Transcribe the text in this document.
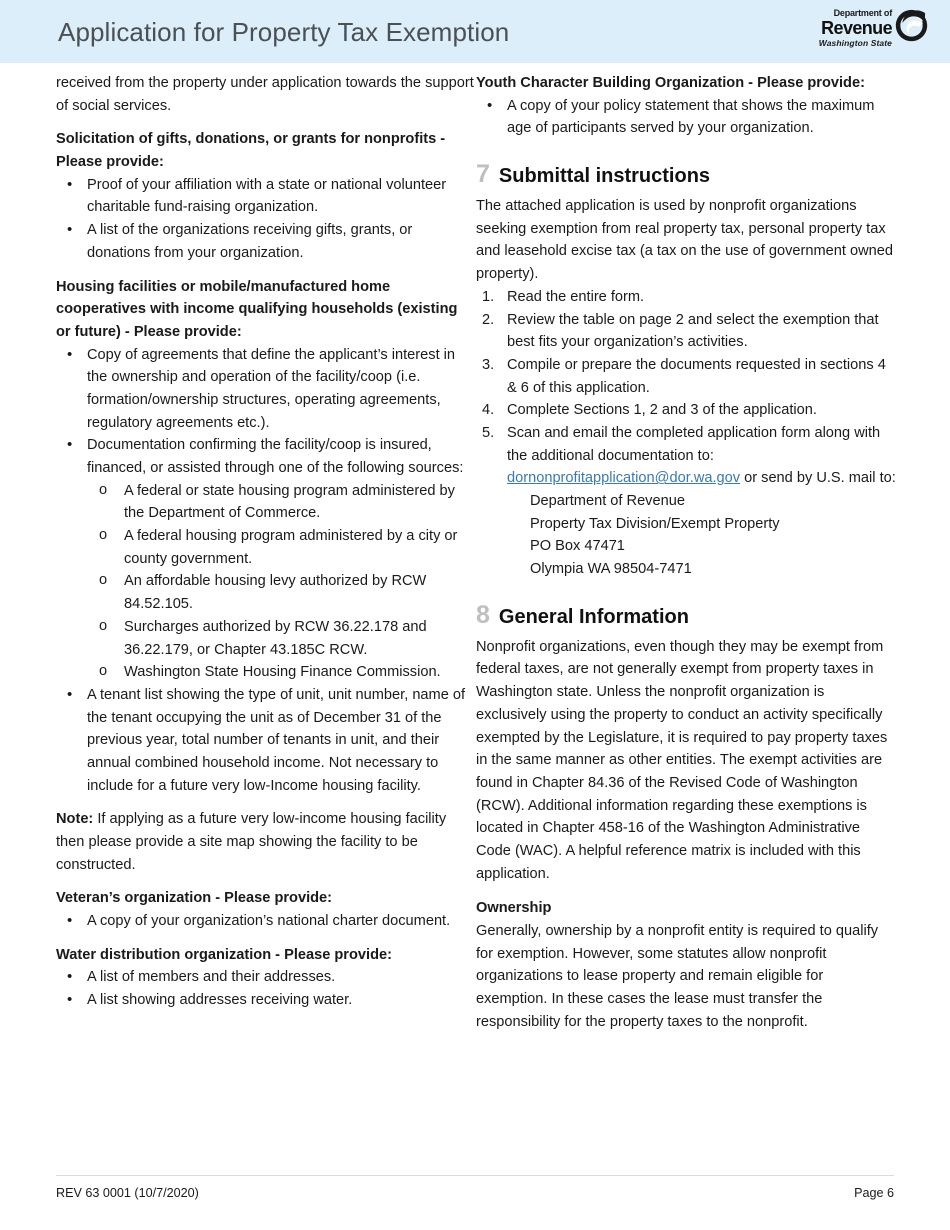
Application for Property Tax Exemption
Department of
Revenue
Washington State

received from the property under application towards the support of social services.

Solicitation of gifts, donations, or grants for nonprofits - Please provide:
• Proof of your affiliation with a state or national volunteer charitable fund-raising organization.
• A list of the organizations receiving gifts, grants, or donations from your organization.
Housing facilities or mobile/manufactured home cooperatives with income qualifying households (existing or future) - Please provide:
• Copy of agreements that define the applicant’s interest in the ownership and operation of the facility/coop (i.e. formation/ownership structures, operating agreements, regulatory agreements etc.).
• Documentation confirming the facility/coop is insured, financed, or assisted through one of the following sources:
o A federal or state housing program administered by the Department of Commerce.
o A federal housing program administered by a city or county government.
o An affordable housing levy authorized by RCW 84.52.105.
o Surcharges authorized by RCW 36.22.178 and 36.22.179, or Chapter 43.185C RCW.
o Washington State Housing Finance Commission.
• A tenant list showing the type of unit, unit number, name of the tenant occupying the unit as of December 31 of the previous year, total number of tenants in unit, and their annual combined household income. Not necessary to include for a future very low-Income housing facility.

Note: If applying as a future very low-income housing facility then please provide a site map showing the facility to be constructed.

Veteran’s organization - Please provide:
• A copy of your organization’s national charter document.
Water distribution organization - Please provide:
• A list of members and their addresses.
• A list showing addresses receiving water.
Youth Character Building Organization - Please provide:
• A copy of your policy statement that shows the maximum age of participants served by your organization.
7 Submittal instructions

The attached application is used by nonprofit organizations seeking exemption from real property tax, personal property tax and leasehold excise tax (a tax on the use of government owned property).

1. Read the entire form.
2. Review the table on page 2 and select the exemption that best fits your organization’s activities.
3. Compile or prepare the documents requested in sections 4 & 6 of this application.
4. Complete Sections 1, 2 and 3 of the application.
5. Scan and email the completed application form along with the additional documentation to: dornonprofitapplication@dor.wa.gov or send by U.S. mail to:
Department of Revenue
Property Tax Division/Exempt Property
PO Box 47471
Olympia WA 98504-7471
8 General Information

Nonprofit organizations, even though they may be exempt from federal taxes, are not generally exempt from property taxes in Washington state. Unless the nonprofit organization is exclusively using the property to conduct an activity specifically exempted by the Legislature, it is required to pay property taxes in the same manner as other entities. The exempt activities are found in Chapter 84.36 of the Revised Code of Washington (RCW). Additional information regarding these exemptions is located in Chapter 458-16 of the Washington Administrative Code (WAC). A helpful reference matrix is included with this application.

Ownership

Generally, ownership by a nonprofit entity is required to qualify for exemption. However, some statutes allow nonprofit organizations to lease property and remain eligible for exemption. In these cases the lease must transfer the responsibility for the property taxes to the nonprofit.

REV 63 0001 (10/7/2020)	Page 6
